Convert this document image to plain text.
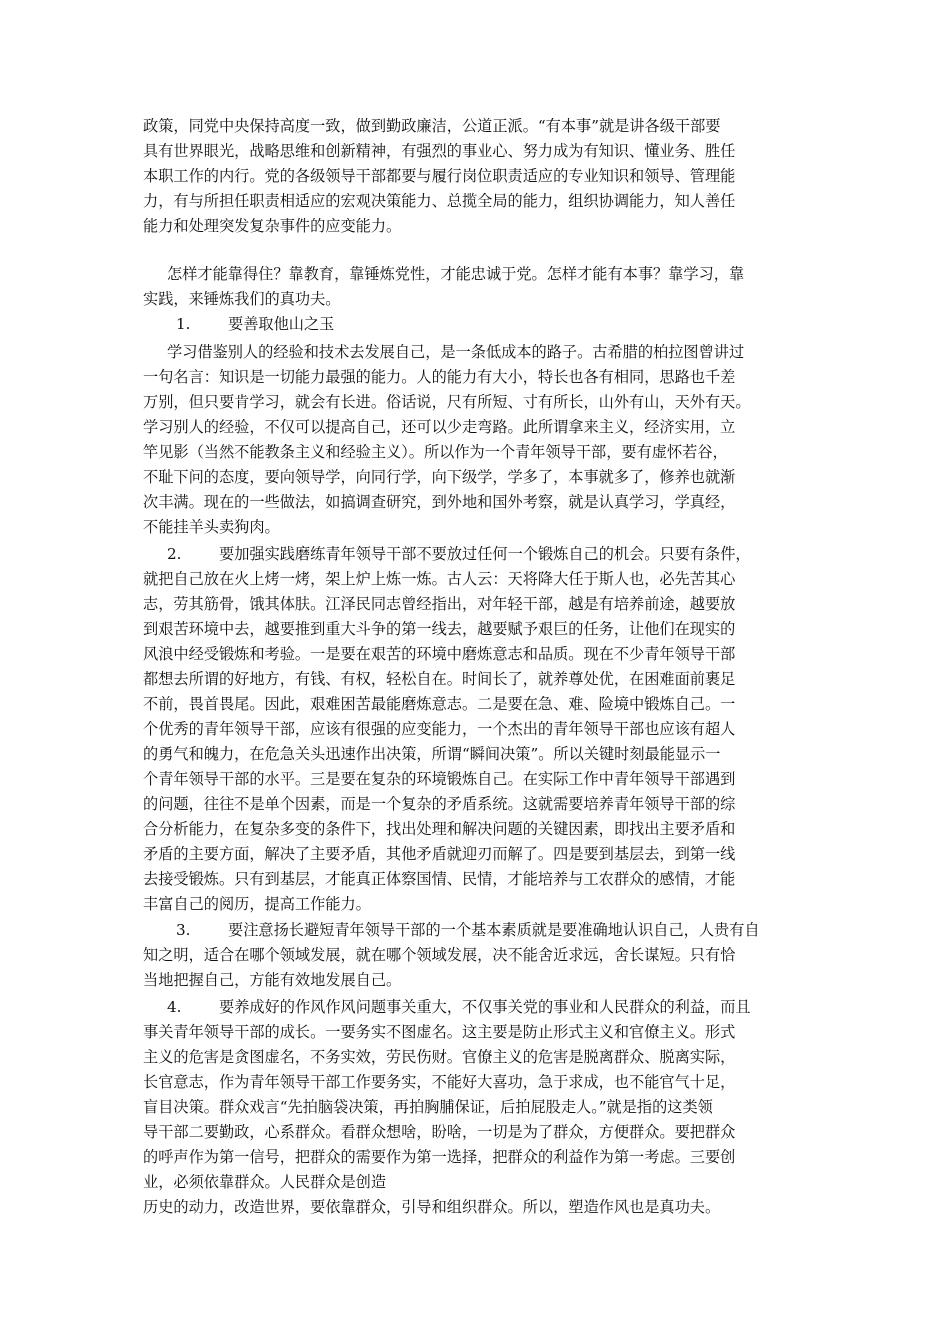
政策，同党中央保持高度一致，做到勤政廉洁，公道正派。“有本事”就是讲各级干部要
具有世界眼光，战略思维和创新精神，有强烈的事业心、努力成为有知识、懂业务、胜任
本职工作的内行。党的各级领导干部都要与履行岗位职责适应的专业知识和领导、管理能
力，有与所担任职责相适应的宏观决策能力、总揽全局的能力，组织协调能力，知人善任
能力和处理突发复杂事件的应变能力。
怎样才能靠得住？靠教育，靠锤炼党性，才能忠诚于党。怎样才能有本事？靠学习，靠
实践，来锤炼我们的真功夫。
1. 要善取他山之玉
学习借鉴别人的经验和技术去发展自己，是一条低成本的路子。古希腊的柏拉图曾讲过
一句名言：知识是一切能力最强的能力。人的能力有大小，特长也各有相同，思路也千差
万别，但只要肯学习，就会有长进。俗话说，尺有所短、寸有所长，山外有山，天外有天。
学习别人的经验，不仅可以提高自己，还可以少走弯路。此所谓拿来主义，经济实用，立
竿见影（当然不能教条主义和经验主义）。所以作为一个青年领导干部，要有虚怀若谷，
不耻下问的态度，要向领导学，向同行学，向下级学，学多了，本事就多了，修养也就渐
次丰满。现在的一些做法，如搞调查研究，到外地和国外考察，就是认真学习，学真经，
不能挂羊头卖狗肉。
2. 要加强实践磨练青年领导干部不要放过任何一个锻炼自己的机会。只要有条件，
就把自己放在火上烤一烤，架上炉上炼一炼。古人云：天将降大任于斯人也，必先苦其心
志，劳其筋骨，饿其体肤。江泽民同志曾经指出，对年轻干部，越是有培养前途，越要放
到艰苦环境中去，越要推到重大斗争的第一线去，越要赋予艰巨的任务，让他们在现实的
风浪中经受锻炼和考验。一是要在艰苦的环境中磨炼意志和品质。现在不少青年领导干部
都想去所谓的好地方，有钱、有权，轻松自在。时间长了，就养尊处优，在困难面前裹足
不前，畏首畏尾。因此，艰难困苦最能磨炼意志。二是要在急、难、险境中锻炼自己。一
个优秀的青年领导干部，应该有很强的应变能力，一个杰出的青年领导干部也应该有超人
的勇气和魄力，在危急关头迅速作出决策，所谓“瞬间决策”。所以关键时刻最能显示一
个青年领导干部的水平。三是要在复杂的环境锻炼自己。在实际工作中青年领导干部遇到
的问题，往往不是单个因素，而是一个复杂的矛盾系统。这就需要培养青年领导干部的综
合分析能力，在复杂多变的条件下，找出处理和解决问题的关键因素，即找出主要矛盾和
矛盾的主要方面，解决了主要矛盾，其他矛盾就迎刃而解了。四是要到基层去，到第一线
去接受锻炼。只有到基层，才能真正体察国情、民情，才能培养与工农群众的感情，才能
丰富自己的阅历，提高工作能力。
3. 要注意扬长避短青年领导干部的一个基本素质就是要准确地认识自己，人贵有自
知之明，适合在哪个领域发展，就在哪个领域发展，决不能舍近求远，舍长谋短。只有恰
当地把握自己，方能有效地发展自己。
4. 要养成好的作风作风问题事关重大，不仅事关党的事业和人民群众的利益，而且
事关青年领导干部的成长。一要务实不图虚名。这主要是防止形式主义和官僚主义。形式
主义的危害是贪图虚名，不务实效，劳民伤财。官僚主义的危害是脱离群众、脱离实际，
长官意志，作为青年领导干部工作要务实，不能好大喜功，急于求成，也不能官气十足，
盲目决策。群众戏言“先拍脑袋决策，再拍胸脯保证，后拍屁股走人。”就是指的这类领
导干部二要勤政，心系群众。看群众想啥，盼啥，一切是为了群众，方便群众。要把群众
的呼声作为第一信号，把群众的需要作为第一选择，把群众的利益作为第一考虑。三要创
业，必须依靠群众。人民群众是创造
历史的动力，改造世界，要依靠群众，引导和组织群众。所以，塑造作风也是真功夫。
